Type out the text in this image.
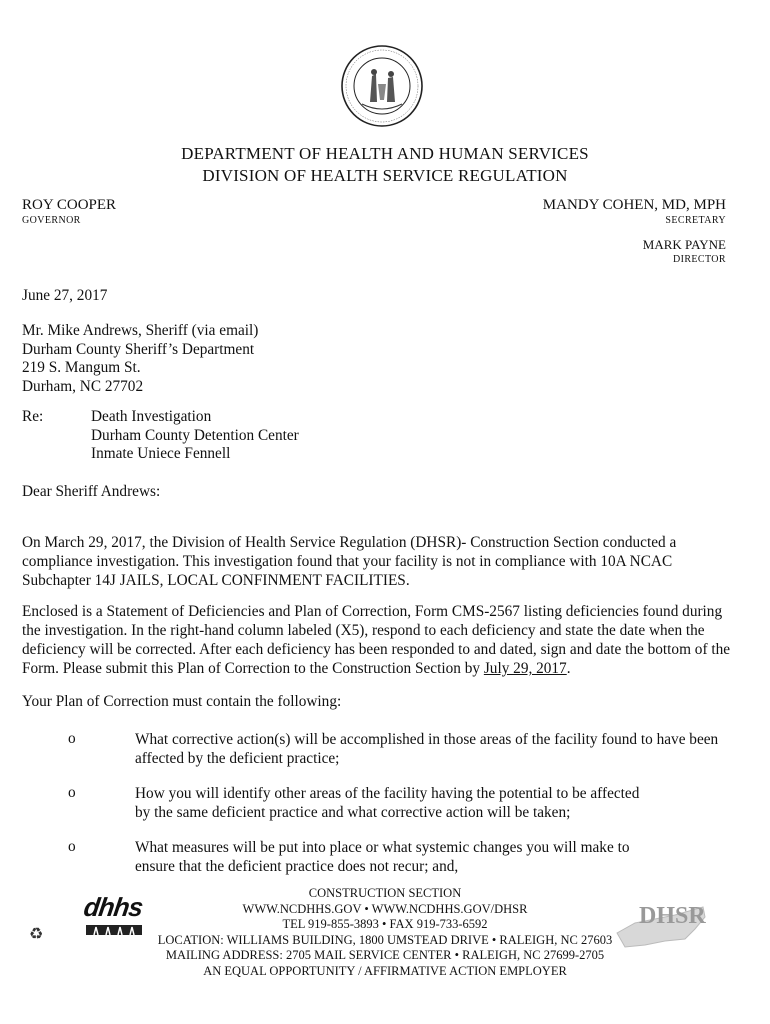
DEPARTMENT OF HEALTH AND HUMAN SERVICES
DIVISION OF HEALTH SERVICE REGULATION
ROY COOPER
GOVERNOR
MANDY COHEN, MD, MPH
SECRETARY
MARK PAYNE
DIRECTOR
June 27, 2017
Mr. Mike Andrews, Sheriff (via email)
Durham County Sheriff’s Department
219 S. Mangum St.
Durham, NC 27702
Re:	Death Investigation
Durham County Detention Center
Inmate Uniece Fennell
Dear Sheriff Andrews:
On March 29, 2017, the Division of Health Service Regulation (DHSR)- Construction Section conducted a compliance investigation. This investigation found that your facility is not in compliance with 10A NCAC Subchapter 14J JAILS, LOCAL CONFINMENT FACILITIES.
Enclosed is a Statement of Deficiencies and Plan of Correction, Form CMS-2567 listing deficiencies found during the investigation. In the right-hand column labeled (X5), respond to each deficiency and state the date when the deficiency will be corrected. After each deficiency has been responded to and dated, sign and date the bottom of the Form. Please submit this Plan of Correction to the Construction Section by July 29, 2017.
Your Plan of Correction must contain the following:
o	What corrective action(s) will be accomplished in those areas of the facility found to have been affected by the deficient practice;
o	How you will identify other areas of the facility having the potential to be affected by the same deficient practice and what corrective action will be taken;
o	What measures will be put into place or what systemic changes you will make to ensure that the deficient practice does not recur; and,
♻
dhhs	DHSR
CONSTRUCTION SECTION
WWW.NCDHHS.GOV • WWW.NCDHHS.GOV/DHSR
TEL 919-855-3893 • FAX 919-733-6592
LOCATION: WILLIAMS BUILDING, 1800 UMSTEAD DRIVE • RALEIGH, NC 27603
MAILING ADDRESS: 2705 MAIL SERVICE CENTER • RALEIGH, NC 27699-2705
AN EQUAL OPPORTUNITY / AFFIRMATIVE ACTION EMPLOYER
